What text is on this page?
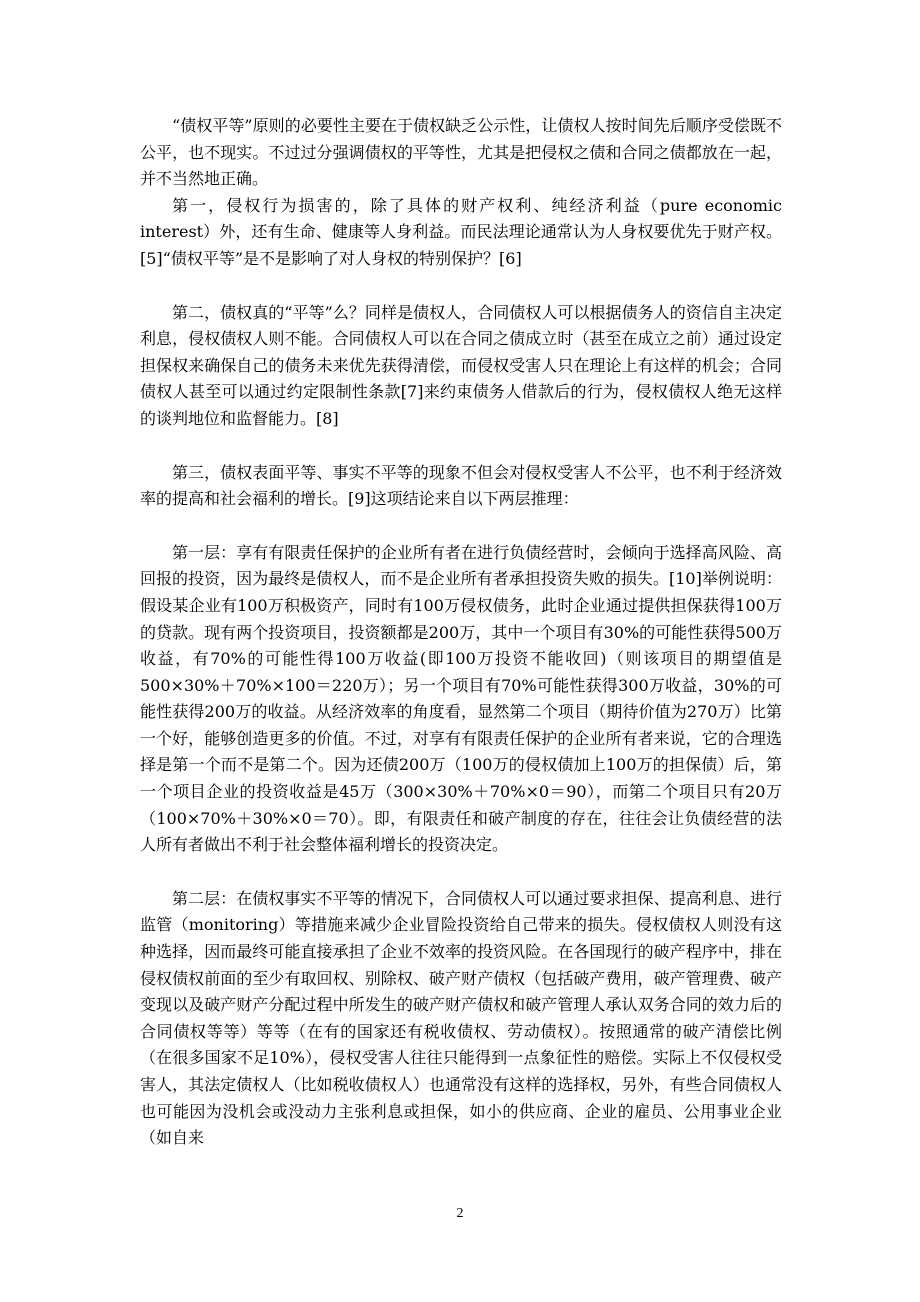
“债权平等”原则的必要性主要在于债权缺乏公示性，让债权人按时间先后顺序受偿既不公平，也不现实。不过过分强调债权的平等性，尤其是把侵权之债和合同之债都放在一起，并不当然地正确。

第一，侵权行为损害的，除了具体的财产权利、纯经济利益（pure economic interest）外，还有生命、健康等人身利益。而民法理论通常认为人身权要优先于财产权。[5]“债权平等”是不是影响了对人身权的特别保护？[6]

第二，债权真的“平等”么？同样是债权人，合同债权人可以根据债务人的资信自主决定利息，侵权债权人则不能。合同债权人可以在合同之债成立时（甚至在成立之前）通过设定担保权来确保自己的债务未来优先获得清偿，而侵权受害人只在理论上有这样的机会；合同债权人甚至可以通过约定限制性条款[7]来约束债务人借款后的行为，侵权债权人绝无这样的谈判地位和监督能力。[8]

第三，债权表面平等、事实不平等的现象不但会对侵权受害人不公平，也不利于经济效率的提高和社会福利的增长。[9]这项结论来自以下两层推理：

第一层：享有有限责任保护的企业所有者在进行负债经营时，会倾向于选择高风险、高回报的投资，因为最终是债权人，而不是企业所有者承担投资失败的损失。[10]举例说明：假设某企业有100万积极资产，同时有100万侵权债务，此时企业通过提供担保获得100万的贷款。现有两个投资项目，投资额都是200万，其中一个项目有30%的可能性获得500万收益，有70%的可能性得100万收益(即100万投资不能收回)（则该项目的期望值是500×30%＋70%×100＝220万）；另一个项目有70%可能性获得300万收益，30%的可能性获得200万的收益。从经济效率的角度看，显然第二个项目（期待价值为270万）比第一个好，能够创造更多的价值。不过，对享有有限责任保护的企业所有者来说，它的合理选择是第一个而不是第二个。因为还债200万（100万的侵权债加上100万的担保债）后，第一个项目企业的投资收益是45万（300×30%＋70%×0＝90），而第二个项目只有20万（100×70%＋30%×0＝70）。即，有限责任和破产制度的存在，往往会让负债经营的法人所有者做出不利于社会整体福利增长的投资决定。

第二层：在债权事实不平等的情况下，合同债权人可以通过要求担保、提高利息、进行监管（monitoring）等措施来减少企业冒险投资给自己带来的损失。侵权债权人则没有这种选择，因而最终可能直接承担了企业不效率的投资风险。在各国现行的破产程序中，排在侵权债权前面的至少有取回权、别除权、破产财产债权（包括破产费用，破产管理费、破产变现以及破产财产分配过程中所发生的破产财产债权和破产管理人承认双务合同的效力后的合同债权等等）等等（在有的国家还有税收债权、劳动债权）。按照通常的破产清偿比例（在很多国家不足10%），侵权受害人往往只能得到一点象征性的赔偿。实际上不仅侵权受害人，其法定债权人（比如税收债权人）也通常没有这样的选择权，另外，有些合同债权人也可能因为没机会或没动力主张利息或担保，如小的供应商、企业的雇员、公用事业企业（如自来

2
